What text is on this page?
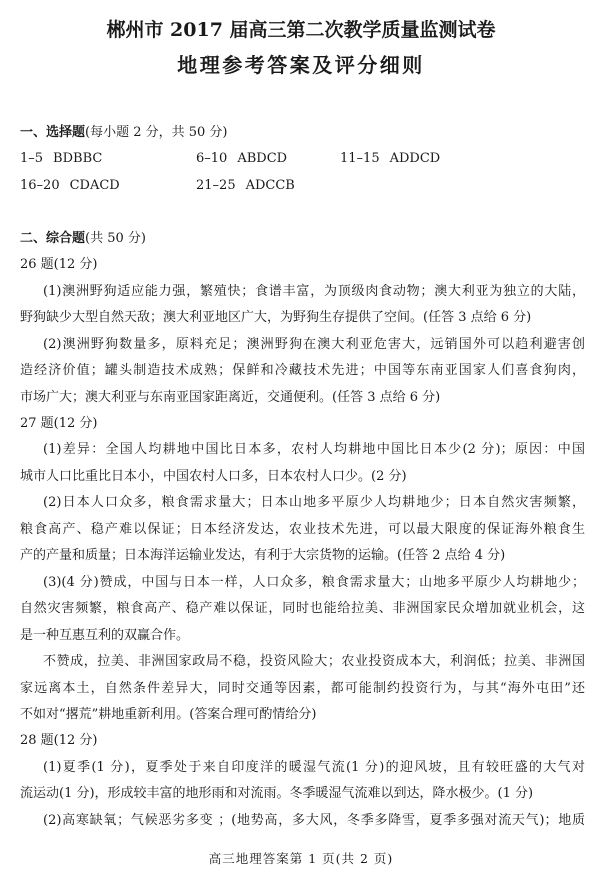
郴州市 2017 届高三第二次教学质量监测试卷
地理参考答案及评分细则
一、选择题(每小题 2 分，共 50 分)
1–5 BDBBC	6–10 ABDCD	11–15 ADDCD
16–20 CDACD	21–25 ADCCB
二、综合题(共 50 分)
26 题(12 分)
(1)澳洲野狗适应能力强，繁殖快；食谱丰富，为顶级肉食动物；澳大利亚为独立的大陆，
野狗缺少大型自然天敌；澳大利亚地区广大，为野狗生存提供了空间。(任答 3 点给 6 分)
(2)澳洲野狗数量多，原料充足；澳洲野狗在澳大利亚危害大，远销国外可以趋利避害创
造经济价值；罐头制造技术成熟；保鲜和冷藏技术先进；中国等东南亚国家人们喜食狗肉，
市场广大；澳大利亚与东南亚国家距离近，交通便利。(任答 3 点给 6 分)
27 题(12 分)
(1)差异：全国人均耕地中国比日本多，农村人均耕地中国比日本少(2 分)；原因：中国
城市人口比重比日本小，中国农村人口多，日本农村人口少。(2 分)
(2)日本人口众多，粮食需求量大；日本山地多平原少人均耕地少；日本自然灾害频繁，
粮食高产、稳产难以保证；日本经济发达，农业技术先进，可以最大限度的保证海外粮食生
产的产量和质量；日本海洋运输业发达，有利于大宗货物的运输。(任答 2 点给 4 分)
(3)(4 分)赞成，中国与日本一样，人口众多，粮食需求量大；山地多平原少人均耕地少；
自然灾害频繁，粮食高产、稳产难以保证，同时也能给拉美、非洲国家民众增加就业机会，这
是一种互惠互利的双赢合作。
不赞成，拉美、非洲国家政局不稳，投资风险大；农业投资成本大，利润低；拉美、非洲国
家远离本土，自然条件差异大，同时交通等因素，都可能制约投资行为，与其“海外屯田”还
不如对“撂荒”耕地重新利用。(答案合理可酌情给分)
28 题(12 分)
(1)夏季(1 分)，夏季处于来自印度洋的暖湿气流(1 分)的迎风坡，且有较旺盛的大气对
流运动(1 分)，形成较丰富的地形雨和对流雨。冬季暖湿气流难以到达，降水极少。(1 分)
(2)高寒缺氧；气候恶劣多变 ；(地势高，多大风，冬季多降雪，夏季多强对流天气)；地质
高三地理答案第 1 页(共 2 页)
